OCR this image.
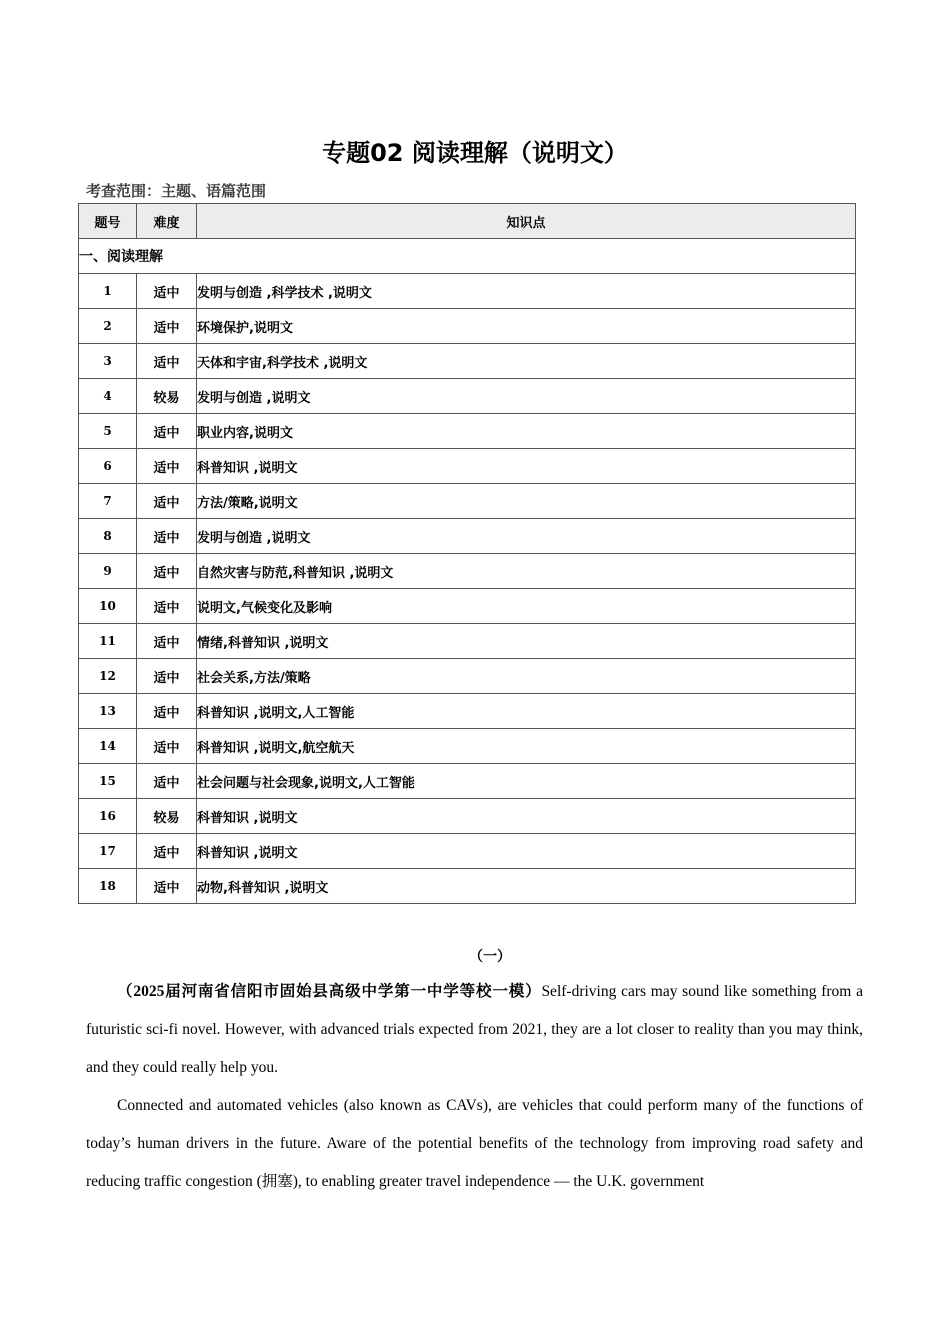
专题02 阅读理解（说明文）
考查范围：主题、语篇范围
题号	难度	知识点
一、阅读理解		
1	适中	发明与创造 ,科学技术 ,说明文
2	适中	环境保护,说明文
3	适中	天体和宇宙,科学技术 ,说明文
4	较易	发明与创造 ,说明文
5	适中	职业内容,说明文
6	适中	科普知识 ,说明文
7	适中	方法/策略,说明文
8	适中	发明与创造 ,说明文
9	适中	自然灾害与防范,科普知识 ,说明文
10	适中	说明文,气候变化及影响
11	适中	情绪,科普知识 ,说明文
12	适中	社会关系,方法/策略
13	适中	科普知识 ,说明文,人工智能
14	适中	科普知识 ,说明文,航空航天
15	适中	社会问题与社会现象,说明文,人工智能
16	较易	科普知识 ,说明文
17	适中	科普知识 ,说明文
18	适中	动物,科普知识 ,说明文
（一）

（2025届河南省信阳市固始县高级中学第一中学等校一模）Self-driving cars may sound like something from a futuristic sci-fi novel. However, with advanced trials expected from 2021, they are a lot closer to reality than you may think, and they could really help you.

Connected and automated vehicles (also known as CAVs), are vehicles that could perform many of the functions of today’s human drivers in the future. Aware of the potential benefits of the technology from improving road safety and reducing traffic congestion (拥塞), to enabling greater travel independence — the U.K. government
